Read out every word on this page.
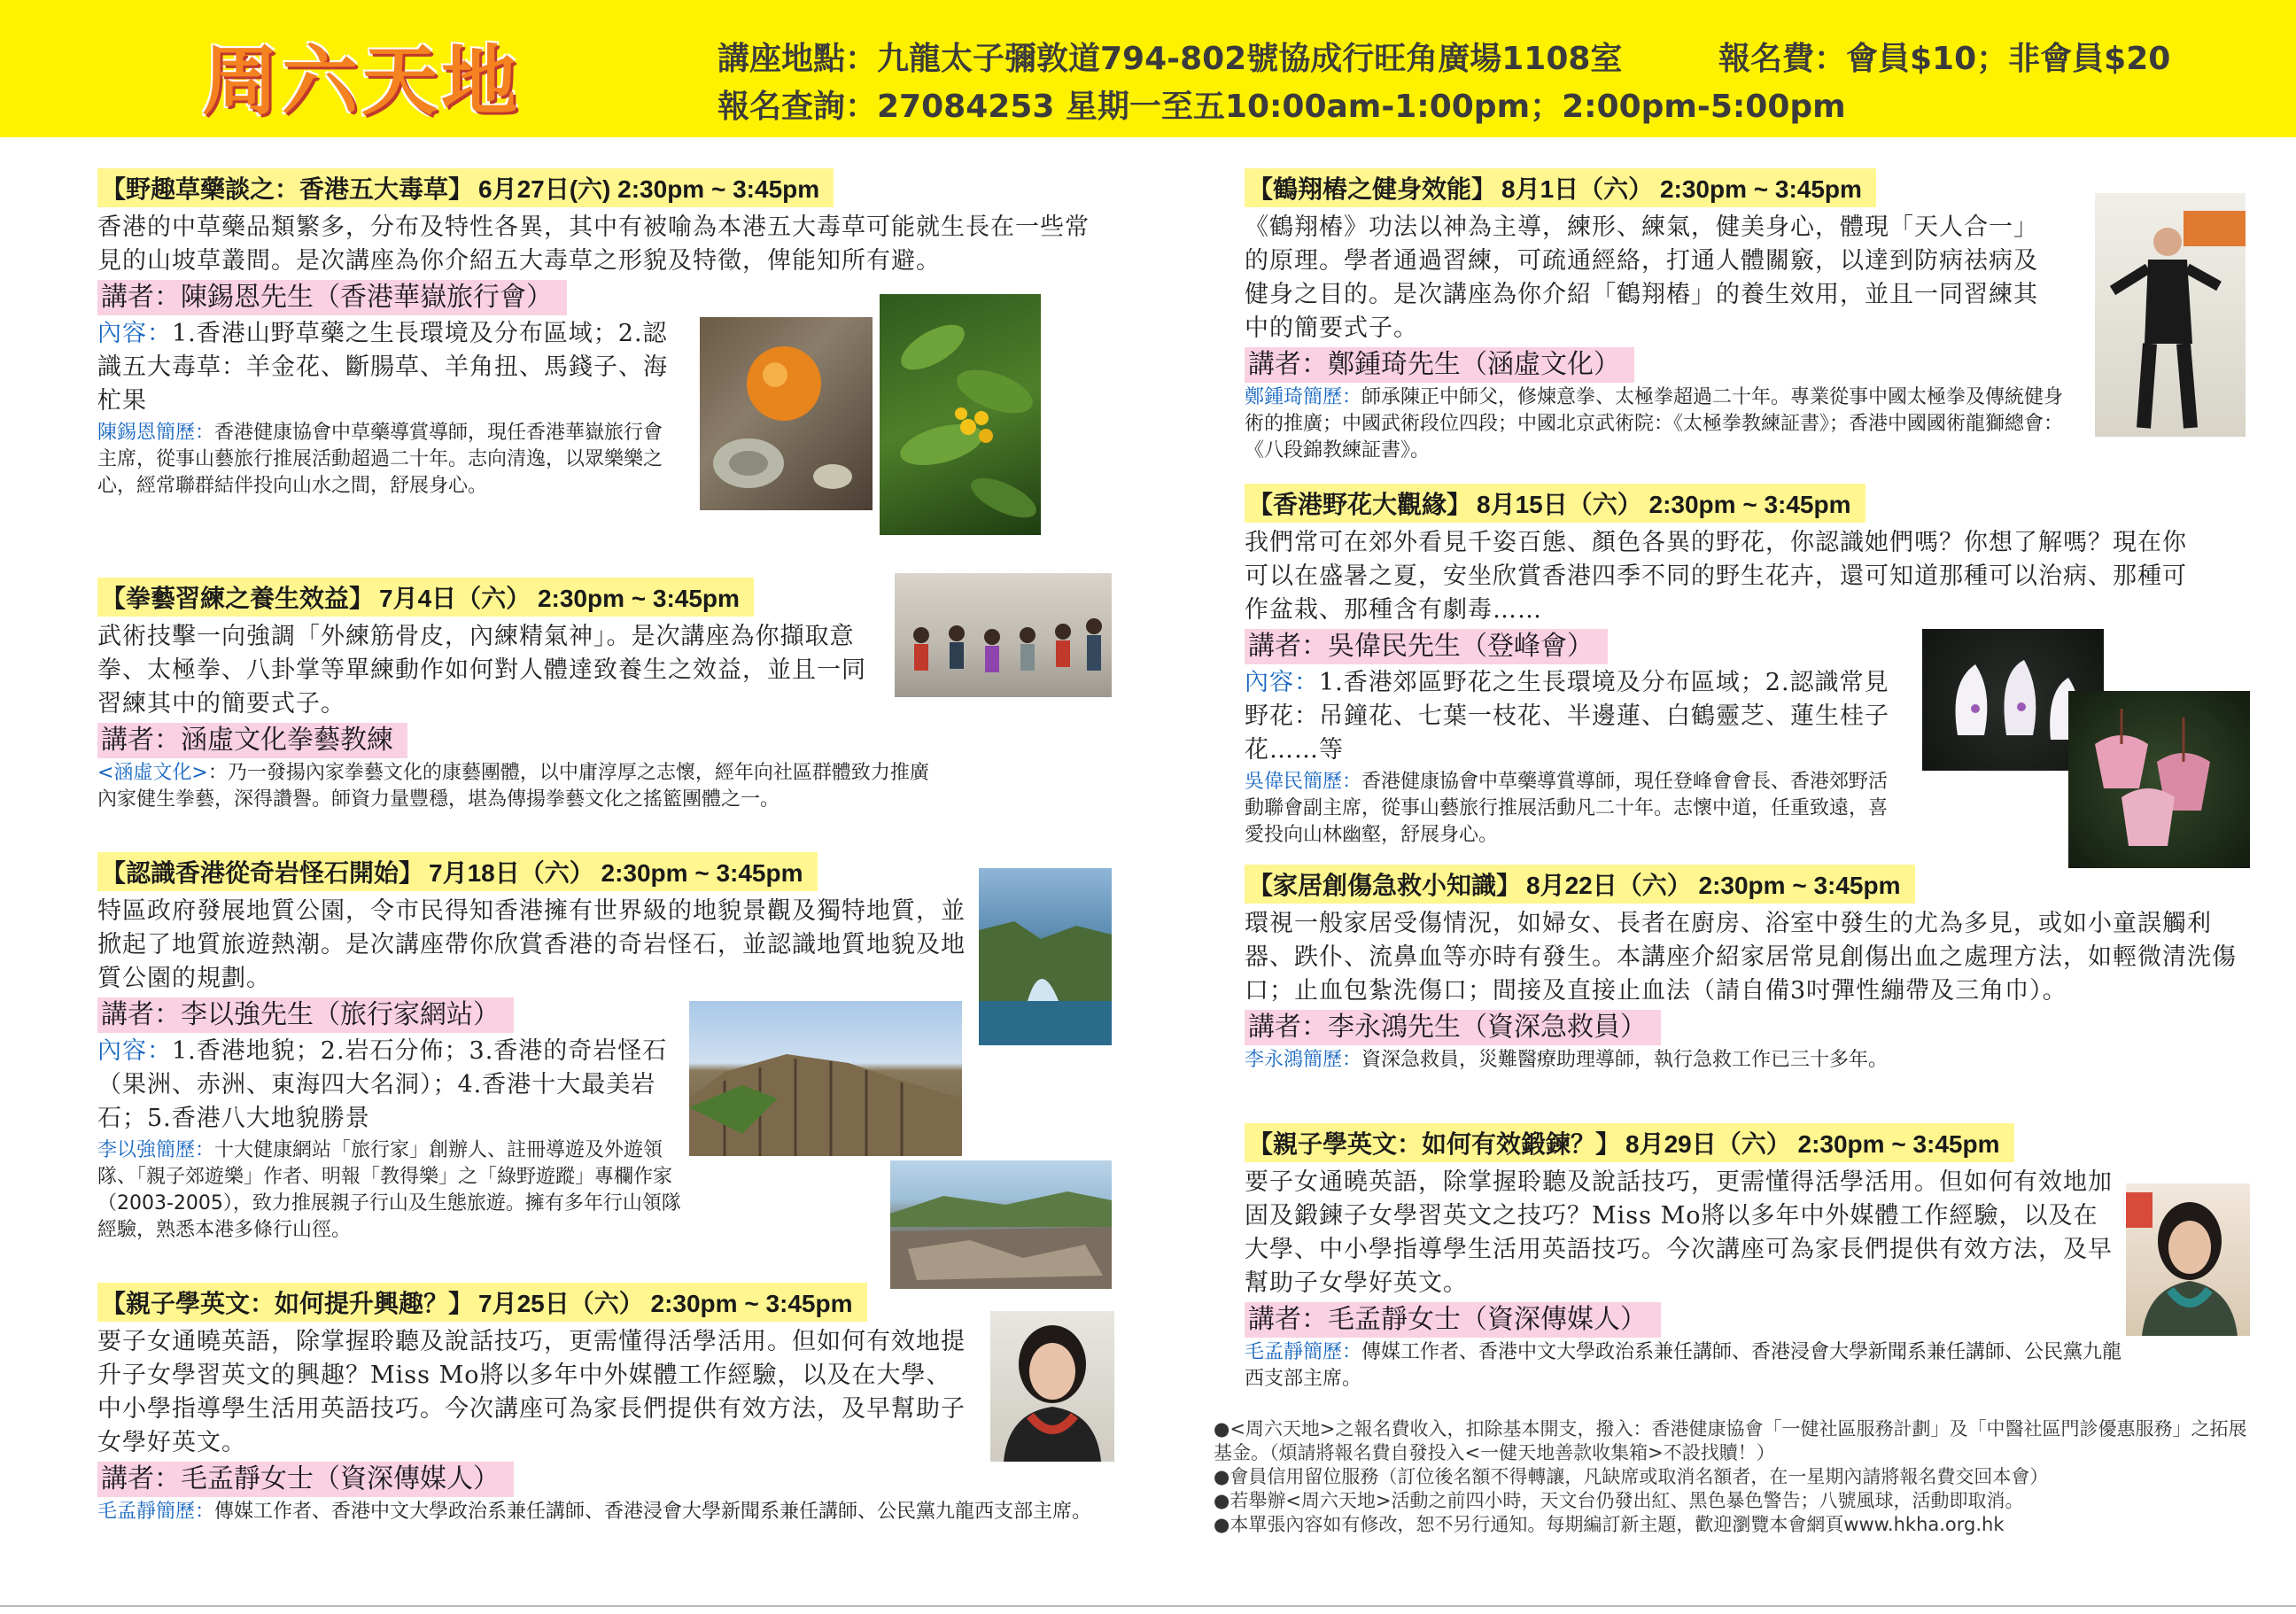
周六天地	講座地點：九龍太子彌敦道794-802號協成行旺角廣場1108室	報名費：會員$10；非會員$20
報名查詢：27084253 星期一至五10:00am-1:00pm；2:00pm-5:00pm
【野趣草藥談之：香港五大毒草】 6月27日(六) 2:30pm ~ 3:45pm
香港的中草藥品類繁多，分布及特性各異，其中有被喻為本港五大毒草可能就生長在一些常見的山坡草叢間。是次講座為你介紹五大毒草之形貌及特徵，俾能知所有避。
講者：陳錫恩先生（香港華嶽旅行會）
內容：1.香港山野草藥之生長環境及分布區域；2.認識五大毒草：羊金花、斷腸草、羊角扭、馬錢子、海杧果
陳錫恩簡歷：香港健康協會中草藥導賞導師，現任香港華嶽旅行會主席，從事山藝旅行推展活動超過二十年。志向清逸，以眾樂樂之心，經常聯群結伴投向山水之間，舒展身心。
【拳藝習練之養生效益】 7月4日（六） 2:30pm ~ 3:45pm
武術技擊一向強調「外練筋骨皮，內練精氣神」。是次講座為你擷取意拳、太極拳、八卦掌等單練動作如何對人體達致養生之效益，並且一同習練其中的簡要式子。
講者：涵虛文化拳藝教練
<涵虛文化>：乃一發揚內家拳藝文化的康藝團體，以中庸淳厚之志懷，經年向社區群體致力推廣內家健生拳藝，深得讚譽。師資力量豐穩，堪為傳揚拳藝文化之搖籃團體之一。
【認識香港從奇岩怪石開始】 7月18日（六） 2:30pm ~ 3:45pm
特區政府發展地質公園，令市民得知香港擁有世界級的地貌景觀及獨特地質，並掀起了地質旅遊熱潮。是次講座帶你欣賞香港的奇岩怪石，並認識地質地貌及地質公園的規劃。
講者：李以強先生（旅行家網站）
內容：1.香港地貌；2.岩石分佈；3.香港的奇岩怪石（果洲、赤洲、東海四大名洞）；4.香港十大最美岩石；5.香港八大地貌勝景
李以強簡歷：十大健康網站「旅行家」創辦人、註冊導遊及外遊領隊、「親子郊遊樂」作者、明報「教得樂」之「綠野遊蹤」專欄作家（2003-2005），致力推展親子行山及生態旅遊。擁有多年行山領隊經驗，熟悉本港多條行山徑。
【親子學英文：如何提升興趣？】 7月25日（六） 2:30pm ~ 3:45pm
要子女通曉英語，除掌握聆聽及說話技巧，更需懂得活學活用。但如何有效地提升子女學習英文的興趣？Miss Mo將以多年中外媒體工作經驗，以及在大學、中小學指導學生活用英語技巧。今次講座可為家長們提供有效方法，及早幫助子女學好英文。
講者：毛孟靜女士（資深傳媒人）
毛孟靜簡歷：傳媒工作者、香港中文大學政治系兼任講師、香港浸會大學新聞系兼任講師、公民黨九龍西支部主席。
【鶴翔樁之健身效能】 8月1日（六） 2:30pm ~ 3:45pm
《鶴翔樁》功法以神為主導，練形、練氣，健美身心，體現「天人合一」的原理。學者通過習練，可疏通經絡，打通人體關竅，以達到防病祛病及健身之目的。是次講座為你介紹「鶴翔樁」的養生效用，並且一同習練其中的簡要式子。
講者：鄭鍾琦先生（涵虛文化）
鄭鍾琦簡歷：師承陳正中師父，修煉意拳、太極拳超過二十年。專業從事中國太極拳及傳統健身術的推廣；中國武術段位四段；中國北京武術院：《太極拳教練証書》；香港中國國術龍獅總會：《八段錦教練証書》。
【香港野花大觀緣】 8月15日（六） 2:30pm ~ 3:45pm
我們常可在郊外看見千姿百態、顏色各異的野花，你認識她們嗎？你想了解嗎？現在你可以在盛暑之夏，安坐欣賞香港四季不同的野生花卉，還可知道那種可以治病、那種可作盆栽、那種含有劇毒……
講者：吳偉民先生（登峰會）
內容：1.香港郊區野花之生長環境及分布區域；2.認識常見野花：吊鐘花、七葉一枝花、半邊蓮、白鶴靈芝、蓮生桂子花……等
吳偉民簡歷：香港健康協會中草藥導賞導師，現任登峰會會長、香港郊野活動聯會副主席，從事山藝旅行推展活動凡二十年。志懷中道，任重致遠，喜愛投向山林幽壑，舒展身心。
【家居創傷急救小知識】 8月22日（六） 2:30pm ~ 3:45pm
環視一般家居受傷情況，如婦女、長者在廚房、浴室中發生的尤為多見，或如小童誤觸利器、跌仆、流鼻血等亦時有發生。本講座介紹家居常見創傷出血之處理方法，如輕微清洗傷口；止血包紮洗傷口；間接及直接止血法（請自備3吋彈性繃帶及三角巾）。
講者：李永鴻先生（資深急救員）
李永鴻簡歷：資深急救員，災難醫療助理導師，執行急救工作已三十多年。
【親子學英文：如何有效鍛鍊？】 8月29日（六） 2:30pm ~ 3:45pm
要子女通曉英語，除掌握聆聽及說話技巧，更需懂得活學活用。但如何有效地加固及鍛鍊子女學習英文之技巧？Miss Mo將以多年中外媒體工作經驗，以及在大學、中小學指導學生活用英語技巧。今次講座可為家長們提供有效方法，及早幫助子女學好英文。
講者：毛孟靜女士（資深傳媒人）
毛孟靜簡歷：傳媒工作者、香港中文大學政治系兼任講師、香港浸會大學新聞系兼任講師、公民黨九龍西支部主席。
●<周六天地>之報名費收入，扣除基本開支，撥入：香港健康協會「一健社區服務計劃」及「中醫社區門診優惠服務」之拓展基金。（煩請將報名費自發投入<一健天地善款收集箱>不設找贖！）
●會員信用留位服務（訂位後名額不得轉讓，凡缺席或取消名額者，在一星期內請將報名費交回本會）
●若舉辦<周六天地>活動之前四小時，天文台仍發出紅、黑色暴色警告；八號風球，活動即取消。
●本單張內容如有修改，恕不另行通知。每期編訂新主題，歡迎瀏覽本會網頁www.hkha.org.hk
